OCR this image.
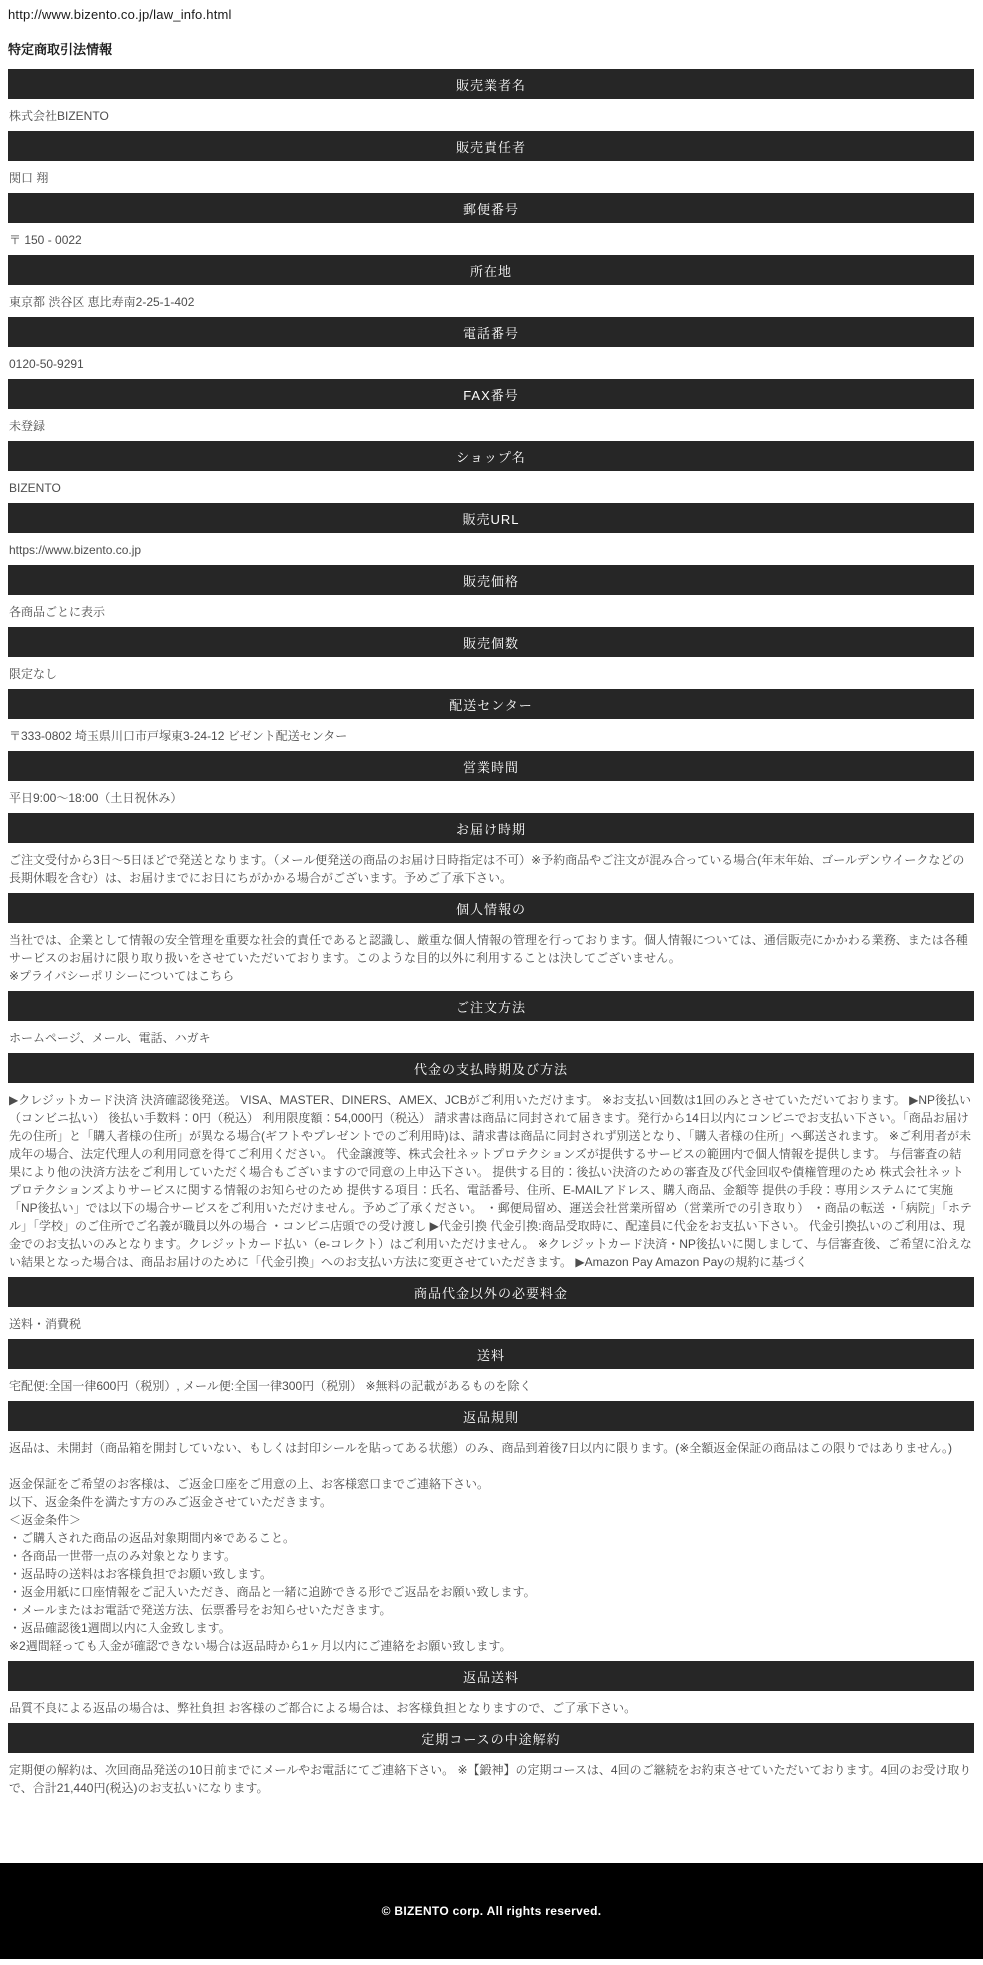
http://www.bizento.co.jp/law_info.html
特定商取引法情報
販売業者名

株式会社BIZENTO

販売責任者

関口 翔

郵便番号

〒 150 - 0022

所在地

東京都 渋谷区 恵比寿南2-25-1-402

電話番号

0120-50-9291

FAX番号

未登録

ショップ名

BIZENTO

販売URL

https://www.bizento.co.jp

販売価格

各商品ごとに表示

販売個数

限定なし

配送センター

〒333-0802 埼玉県川口市戸塚東3-24-12 ビゼント配送センター

営業時間

平日9:00～18:00（土日祝休み）

お届け時期

ご注文受付から3日～5日ほどで発送となります。（メール便発送の商品のお届け日時指定は不可）※予約商品やご注文が混み合っている場合(年末年始、ゴールデンウイークなどの長期休暇を含む）は、お届けまでにお日にちがかかる場合がございます。予めご了承下さい。

個人情報の

当社では、企業として情報の安全管理を重要な社会的責任であると認識し、厳重な個人情報の管理を行っております。個人情報については、通信販売にかかわる業務、または各種サービスのお届けに限り取り扱いをさせていただいております。このような目的以外に利用することは決してございません。

※プライバシーポリシーについてはこちら

ご注文方法

ホームページ、メール、電話、ハガキ

代金の支払時期及び方法

▶クレジットカード決済 決済確認後発送。 VISA、MASTER、DINERS、AMEX、JCBがご利用いただけます。 ※お支払い回数は1回のみとさせていただいております。 ▶NP後払い（コンビニ払い） 後払い手数料：0円（税込） 利用限度額：54,000円（税込） 請求書は商品に同封されて届きます。発行から14日以内にコンビニでお支払い下さい。「商品お届け先の住所」と「購入者様の住所」が異なる場合(ギフトやプレゼントでのご利用時)は、請求書は商品に同封されず別送となり、「購入者様の住所」へ郵送されます。 ※ご利用者が未成年の場合、法定代理人の利用同意を得てご利用ください。 代金譲渡等、株式会社ネットプロテクションズが提供するサービスの範囲内で個人情報を提供します。 与信審査の結果により他の決済方法をご利用していただく場合もございますので同意の上申込下さい。 提供する目的：後払い決済のための審査及び代金回収や債権管理のため 株式会社ネットプロテクションズよりサービスに関する情報のお知らせのため 提供する項目：氏名、電話番号、住所、E-MAILアドレス、購入商品、金額等 提供の手段：専用システムにて実施 「NP後払い」では以下の場合サービスをご利用いただけません。予めご了承ください。 ・郵便局留め、運送会社営業所留め（営業所での引き取り） ・商品の転送 ・「病院」「ホテル」「学校」のご住所でご名義が職員以外の場合 ・コンビニ店頭での受け渡し ▶代金引換 代金引換:商品受取時に、配達員に代金をお支払い下さい。 代金引換払いのご利用は、現金でのお支払いのみとなります。クレジットカード払い（e-コレクト）はご利用いただけません。 ※クレジットカード決済・NP後払いに関しまして、与信審査後、ご希望に沿えない結果となった場合は、商品お届けのために「代金引換」へのお支払い方法に変更させていただきます。 ▶Amazon Pay Amazon Payの規約に基づく

商品代金以外の必要料金

送料・消費税

送料

宅配便:全国一律600円（税別）, メール便:全国一律300円（税別） ※無料の記載があるものを除く

返品規則

返品は、未開封（商品箱を開封していない、もしくは封印シールを貼ってある状態）のみ、商品到着後7日以内に限ります。(※全額返金保証の商品はこの限りではありません。)

返金保証をご希望のお客様は、ご返金口座をご用意の上、お客様窓口までご連絡下さい。

以下、返金条件を満たす方のみご返金させていただきます。

＜返金条件＞

・ご購入された商品の返品対象期間内※であること。

・各商品一世帯一点のみ対象となります。

・返品時の送料はお客様負担でお願い致します。

・返金用紙に口座情報をご記入いただき、商品と一緒に追跡できる形でご返品をお願い致します。

・メールまたはお電話で発送方法、伝票番号をお知らせいただきます。

・返品確認後1週間以内に入金致します。

※2週間経っても入金が確認できない場合は返品時から1ヶ月以内にご連絡をお願い致します。

返品送料

品質不良による返品の場合は、弊社負担 お客様のご都合による場合は、お客様負担となりますので、ご了承下さい。

定期コースの中途解約

定期便の解約は、次回商品発送の10日前までにメールやお電話にてご連絡下さい。 ※【鍛神】の定期コースは、4回のご継続をお約束させていただいております。4回のお受け取りで、合計21,440円(税込)のお支払いになります。

© BIZENTO corp. All rights reserved.
